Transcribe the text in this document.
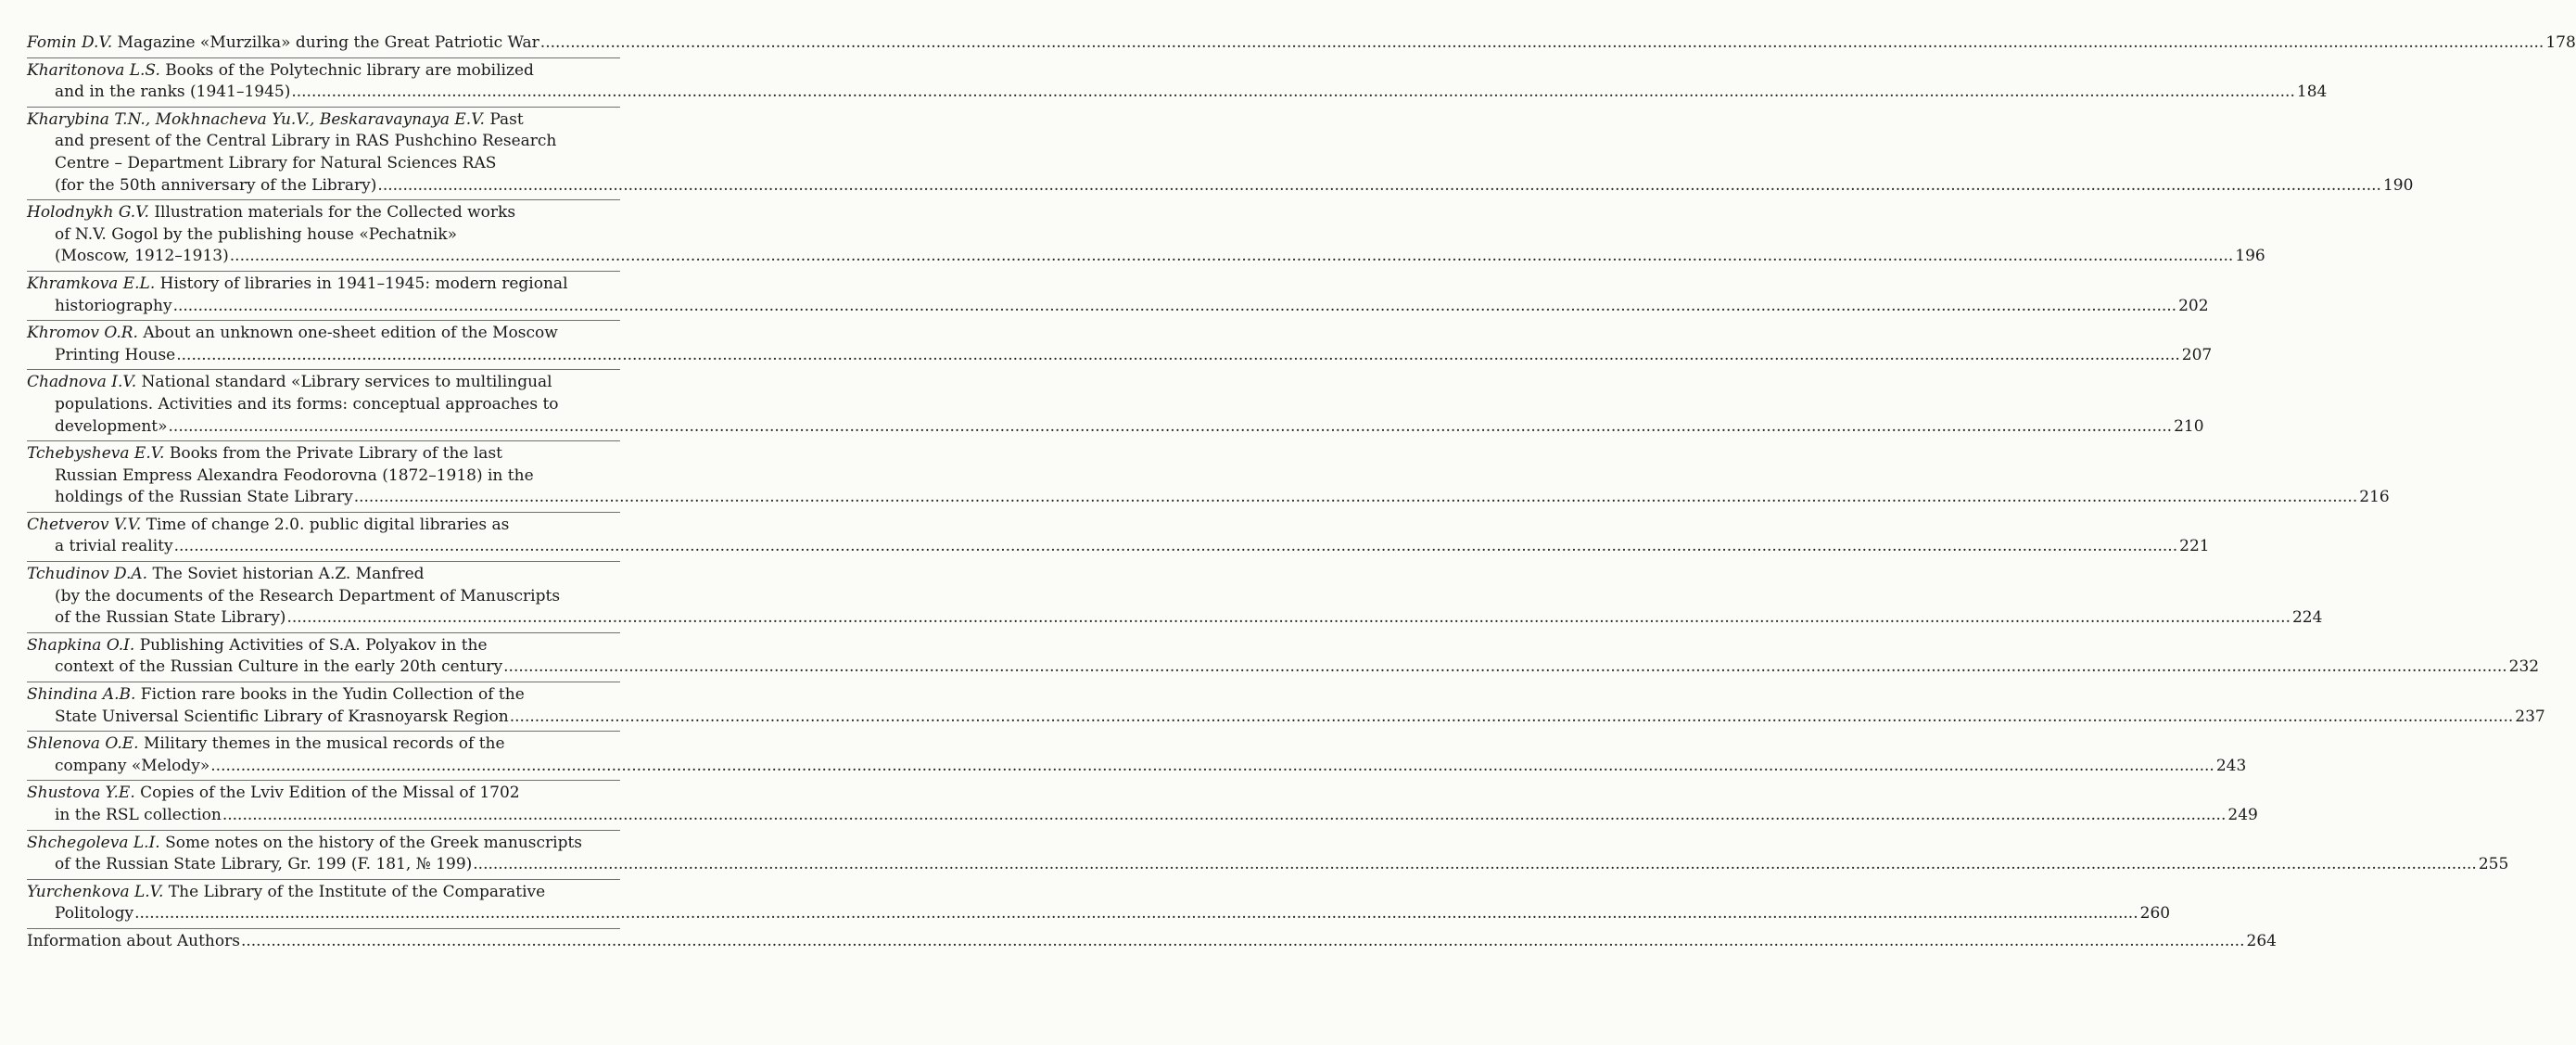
Fomin D.V.
Magazine «Murzilka» during the Great Patriotic War ................................................................................................................................................................................................................................................................................................................................................................................................................ 178
Kharitonova L.S.
Books of the Polytechnic library are mobilized
and in the ranks (1941–1945) ................................................................................................................................................................................................................................................................................................................................................................................................................ 184
Kharybina T.N., Mokhnacheva Yu.V., Beskaravaynaya E.V.
Past
and present of the Central Library in RAS Pushchino Research
Centre – Department Library for Natural Sciences RAS
(for the 50th anniversary of the Library) ................................................................................................................................................................................................................................................................................................................................................................................................................ 190
Holodnykh G.V.
Illustration materials for the Collected works
of N.V. Gogol by the publishing house «Pechatnik»
(Moscow, 1912–1913) ................................................................................................................................................................................................................................................................................................................................................................................................................ 196
Khramkova E.L.
History of libraries in 1941–1945: modern regional
historiography ................................................................................................................................................................................................................................................................................................................................................................................................................ 202
Khromov O.R.
About an unknown one-sheet edition of the Moscow
Printing House ................................................................................................................................................................................................................................................................................................................................................................................................................ 207
Chadnova I.V.
National standard «Library services to multilingual
populations. Activities and its forms: conceptual approaches to
development» ................................................................................................................................................................................................................................................................................................................................................................................................................ 210
Tchebysheva E.V.
Books from the Private Library of the last
Russian Empress Alexandra Feodorovna (1872–1918) in the
holdings of the Russian State Library ................................................................................................................................................................................................................................................................................................................................................................................................................ 216
Chetverov V.V.
Time of change 2.0. public digital libraries as
a trivial reality ................................................................................................................................................................................................................................................................................................................................................................................................................ 221
Tchudinov D.A.
The Soviet historian A.Z. Manfred
(by the documents of the Research Department of Manuscripts
of the Russian State Library) ................................................................................................................................................................................................................................................................................................................................................................................................................ 224
Shapkina O.I.
Publishing Activities of S.A. Polyakov in the
context of the Russian Culture in the early 20th century ................................................................................................................................................................................................................................................................................................................................................................................................................ 232
Shindina A.B.
Fiction rare books in the Yudin Collection of the
State Universal Scientific Library of Krasnoyarsk Region ................................................................................................................................................................................................................................................................................................................................................................................................................ 237
Shlenova O.E.
Military themes in the musical records of the
company «Melody» ................................................................................................................................................................................................................................................................................................................................................................................................................ 243
Shustova Y.E.
Copies of the Lviv Edition of the Missal of 1702
in the RSL collection ................................................................................................................................................................................................................................................................................................................................................................................................................ 249
Shchegoleva L.I.
Some notes on the history of the Greek manuscripts
of the Russian State Library, Gr. 199 (F. 181, № 199) ................................................................................................................................................................................................................................................................................................................................................................................................................ 255
Yurchenkova L.V.
The Library of the Institute of the Comparative
Politology ................................................................................................................................................................................................................................................................................................................................................................................................................ 260
Information about Authors ................................................................................................................................................................................................................................................................................................................................................................................................................ 264
